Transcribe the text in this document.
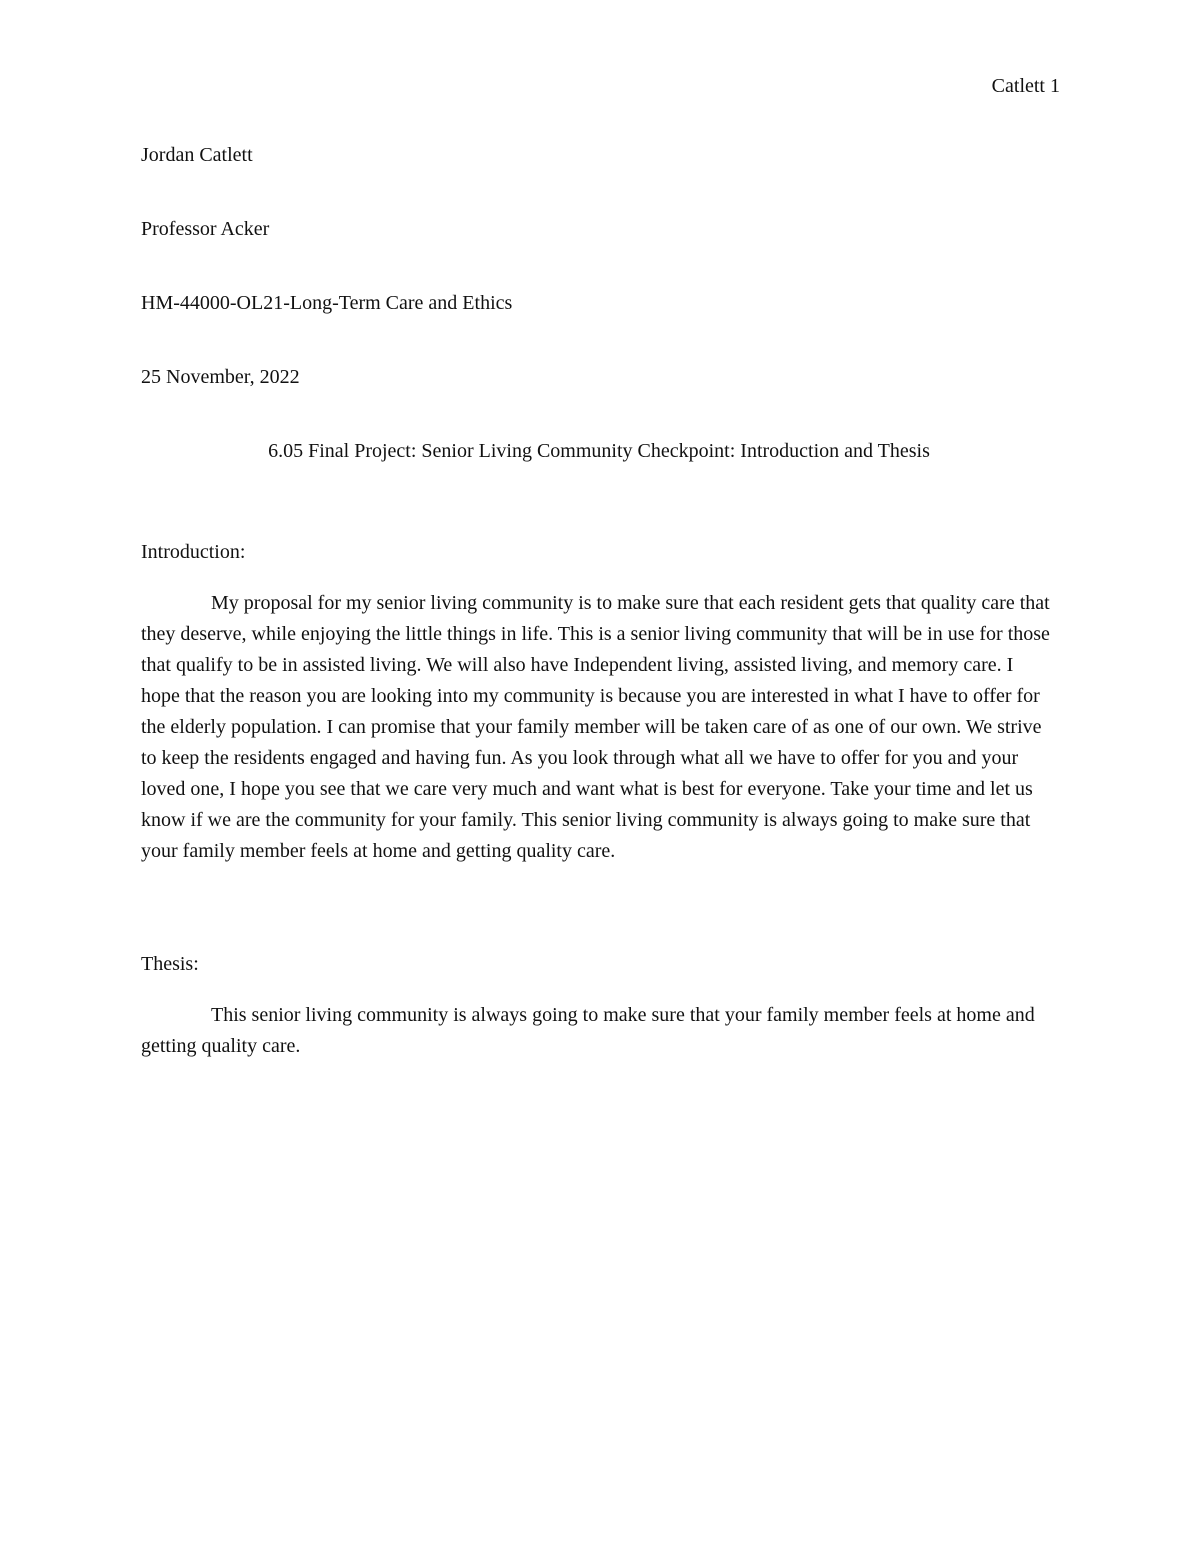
Catlett 1
Jordan Catlett
Professor Acker
HM-44000-OL21-Long-Term Care and Ethics
25 November, 2022
6.05 Final Project: Senior Living Community Checkpoint: Introduction and Thesis
Introduction:

My proposal for my senior living community is to make sure that each resident gets that quality care that they deserve, while enjoying the little things in life. This is a senior living community that will be in use for those that qualify to be in assisted living. We will also have Independent living, assisted living, and memory care. I hope that the reason you are looking into my community is because you are interested in what I have to offer for the elderly population. I can promise that your family member will be taken care of as one of our own. We strive to keep the residents engaged and having fun. As you look through what all we have to offer for you and your loved one, I hope you see that we care very much and want what is best for everyone. Take your time and let us know if we are the community for your family. This senior living community is always going to make sure that your family member feels at home and getting quality care.

Thesis:

This senior living community is always going to make sure that your family member feels at home and getting quality care.
